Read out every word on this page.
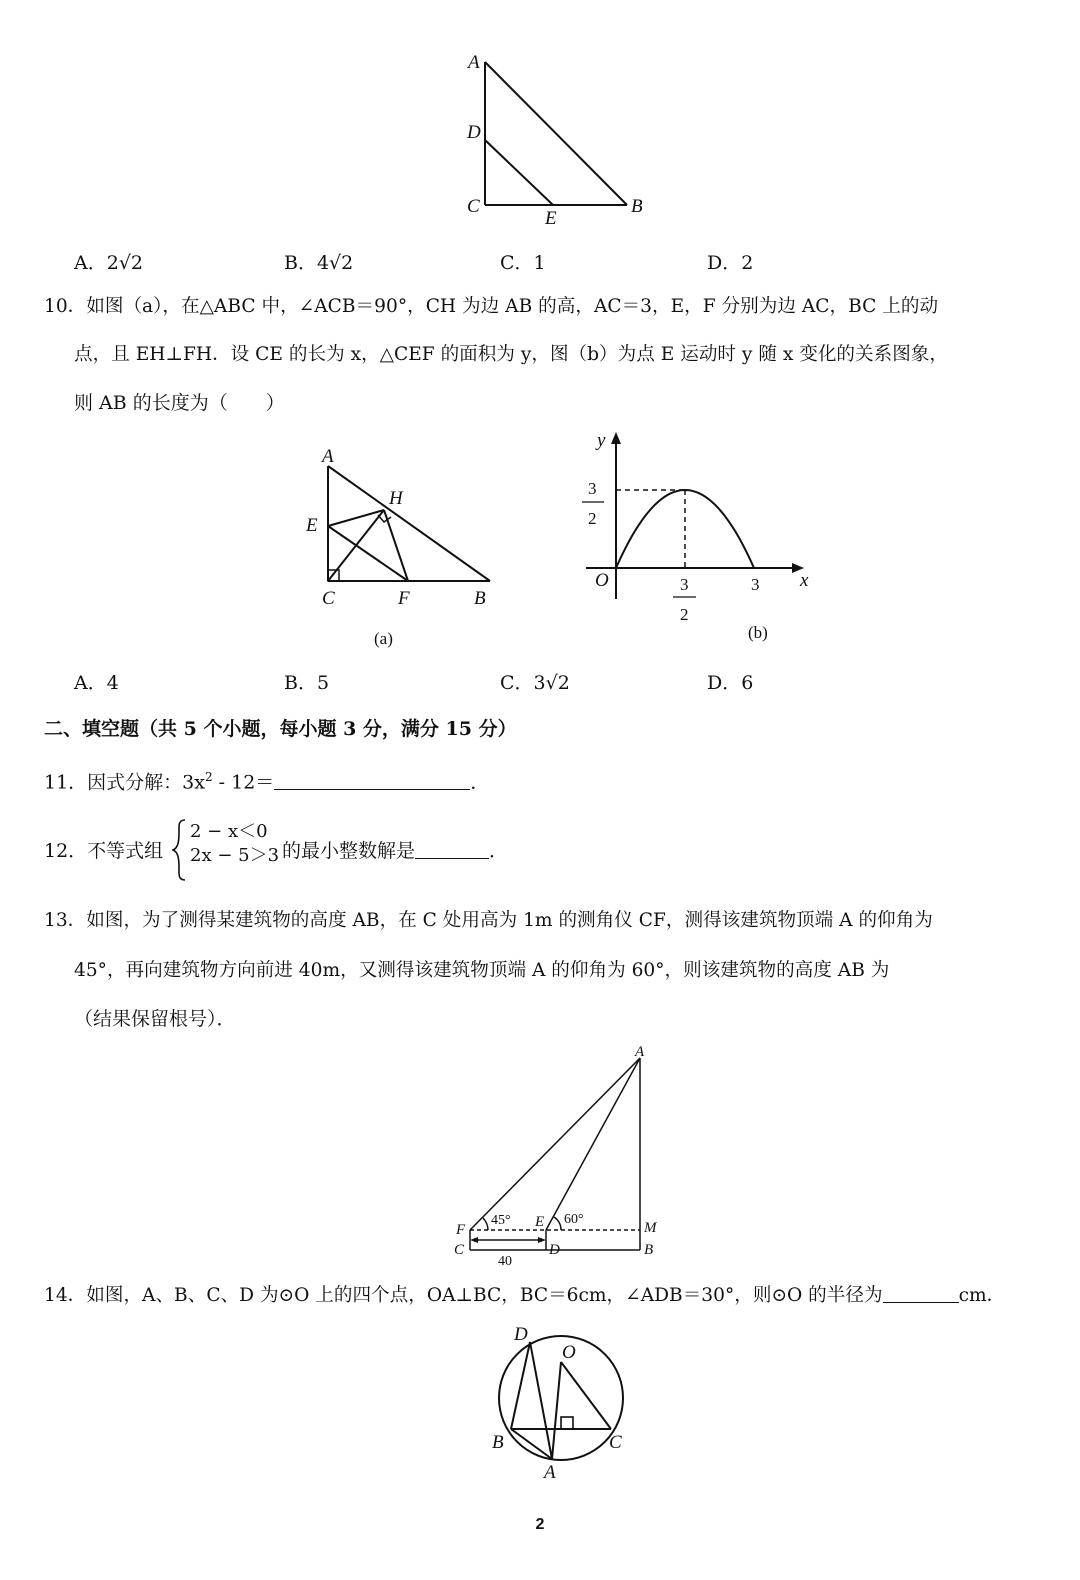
A
D
C
E
B
A．2√2	B．4√2	C．1	D．2
10．如图（a），在△ABC 中，∠ACB＝90°，CH 为边 AB 的高，AC＝3，E，F 分别为边 AC，BC 上的动
点，且 EH⊥FH．设 CE 的长为 x，△CEF 的面积为 y，图（b）为点 E 运动时 y 随 x 变化的关系图象，
则 AB 的长度为（　　）
A
E
H
C	F	B
(a)
y
x
O
3
2
3
2
3
(b)
A．4	B．5	C．3√2	D．6
二、填空题（共 5 个小题，每小题 3 分，满分 15 分）
11．因式分解：$3x^2 - 12=$	．
12．不等式组
2 − x＜0
2x − 5＞3 的最小整数解是	．
13．如图，为了测得某建筑物的高度 AB，在 C 处用高为 1m 的测角仪 CF，测得该建筑物顶端 A 的仰角为
45°，再向建筑物方向前进 40m，又测得该建筑物顶端 A 的仰角为 60°，则该建筑物的高度 AB 为
（结果保留根号）．
A
F	E	M
C	D	B
45°	60°
40
14．如图，A、B、C、D 为⊙O 上的四个点，OA⊥BC，BC＝6cm，∠ADB＝30°，则⊙O 的半径为	cm．
D
O
B	C
A
2
